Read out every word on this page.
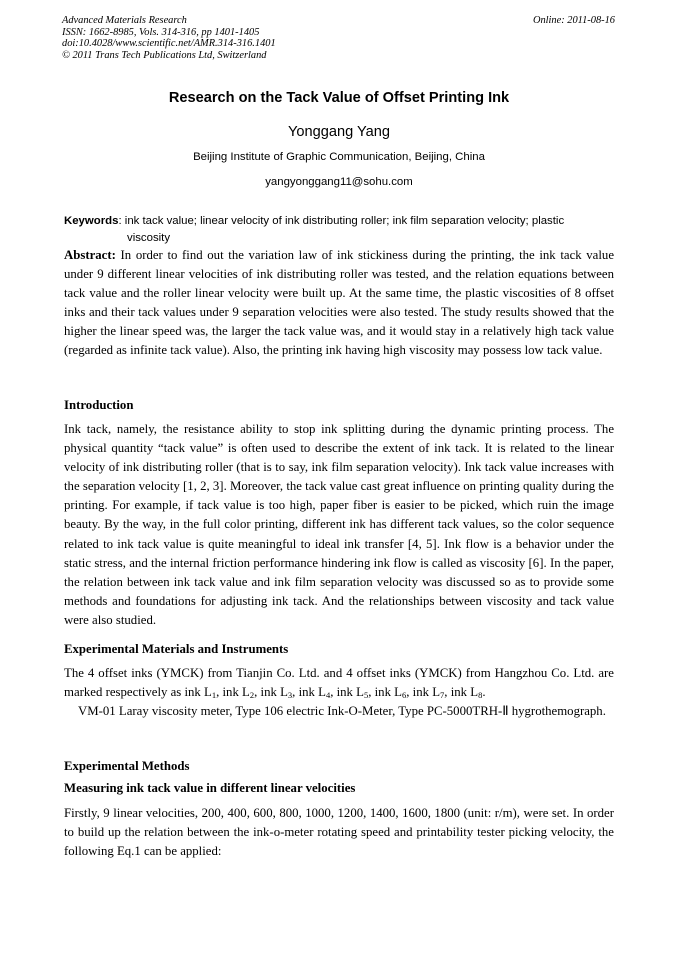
Advanced Materials Research
ISSN: 1662-8985, Vols. 314-316, pp 1401-1405
doi:10.4028/www.scientific.net/AMR.314-316.1401
© 2011 Trans Tech Publications Ltd, Switzerland
Online: 2011-08-16
Research on the Tack Value of Offset Printing Ink
Yonggang Yang
Beijing Institute of Graphic Communication, Beijing, China
yangyonggang11@sohu.com
Keywords: ink tack value; linear velocity of ink distributing roller; ink film separation velocity; plastic
viscosity
Abstract: In order to find out the variation law of ink stickiness during the printing, the ink tack value under 9 different linear velocities of ink distributing roller was tested, and the relation equations between tack value and the roller linear velocity were built up. At the same time, the plastic viscosities of 8 offset inks and their tack values under 9 separation velocities were also tested. The study results showed that the higher the linear speed was, the larger the tack value was, and it would stay in a relatively high tack value (regarded as infinite tack value). Also, the printing ink having high viscosity may possess low tack value.
Introduction
Ink tack, namely, the resistance ability to stop ink splitting during the dynamic printing process. The physical quantity “tack value” is often used to describe the extent of ink tack. It is related to the linear velocity of ink distributing roller (that is to say, ink film separation velocity). Ink tack value increases with the separation velocity [1, 2, 3]. Moreover, the tack value cast great influence on printing quality during the printing. For example, if tack value is too high, paper fiber is easier to be picked, which ruin the image beauty. By the way, in the full color printing, different ink has different tack values, so the color sequence related to ink tack value is quite meaningful to ideal ink transfer [4, 5]. Ink flow is a behavior under the static stress, and the internal friction performance hindering ink flow is called as viscosity [6]. In the paper, the relation between ink tack value and ink film separation velocity was discussed so as to provide some methods and foundations for adjusting ink tack. And the relationships between viscosity and tack value were also studied.
Experimental Materials and Instruments
The 4 offset inks (YMCK) from Tianjin Co. Ltd. and 4 offset inks (YMCK) from Hangzhou Co. Ltd. are marked respectively as ink $L_1$, ink $L_2$, ink $L_3$, ink $L_4$, ink $L_5$, ink $L_6$, ink $L_7$, ink $L_8$.
VM-01 Laray viscosity meter, Type 106 electric Ink-O-Meter, Type PC-5000TRH-Ⅱ hygrothemograph.
Experimental Methods
Measuring ink tack value in different linear velocities
Firstly, 9 linear velocities, 200, 400, 600, 800, 1000, 1200, 1400, 1600, 1800 (unit: r/m), were set. In order to build up the relation between the ink-o-meter rotating speed and printability tester picking velocity, the following Eq.1 can be applied:
